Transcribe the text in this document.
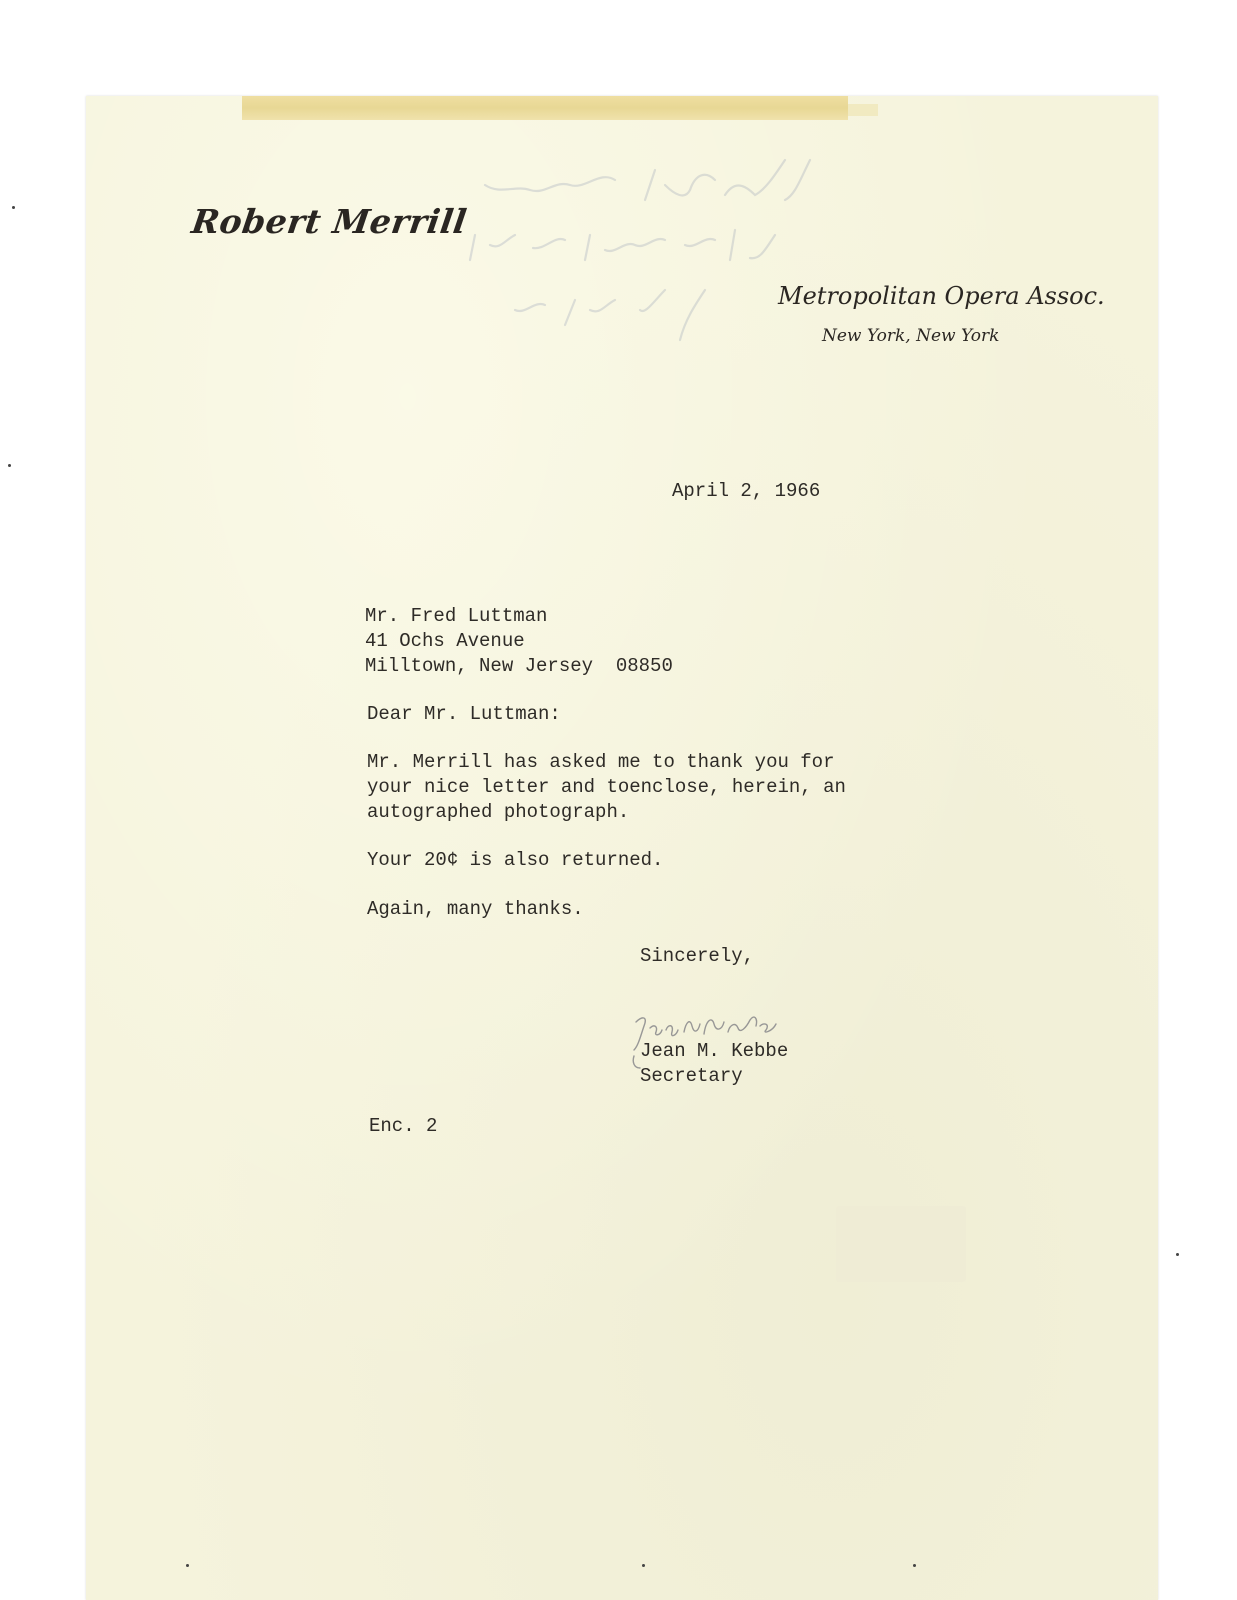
Robert Merrill
Metropolitan Opera Assoc.
New York, New York
April 2, 1966
Mr. Fred Luttman
41 Ochs Avenue
Milltown, New Jersey  08850
Dear Mr. Luttman:
Mr. Merrill has asked me to thank you for
your nice letter and toenclose, herein, an
autographed photograph.
Your 20¢ is also returned.
Again, many thanks.
Sincerely,
Jean M. Kebbe
Secretary
Enc. 2
